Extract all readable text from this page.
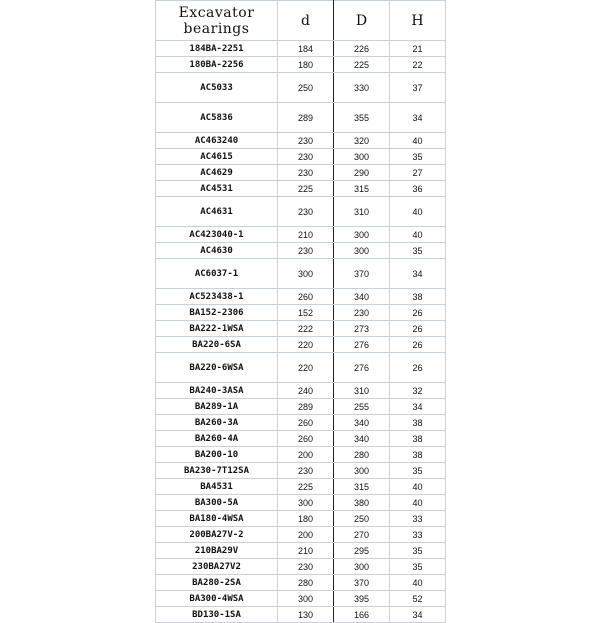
Excavator bearings	d	D	H
184BA-2251	184	226	21
180BA-2256	180	225	22
AC5033	250	330	37
AC5836	289	355	34
AC463240	230	320	40
AC4615	230	300	35
AC4629	230	290	27
AC4531	225	315	36
AC4631	230	310	40
AC423040-1	210	300	40
AC4630	230	300	35
AC6037-1	300	370	34
AC523438-1	260	340	38
BA152-2306	152	230	26
BA222-1WSA	222	273	26
BA220-6SA	220	276	26
BA220-6WSA	220	276	26
BA240-3ASA	240	310	32
BA289-1A	289	255	34
BA260-3A	260	340	38
BA260-4A	260	340	38
BA200-10	200	280	38
BA230-7T12SA	230	300	35
BA4531	225	315	40
BA300-5A	300	380	40
BA180-4WSA	180	250	33
200BA27V-2	200	270	33
210BA29V	210	295	35
230BA27V2	230	300	35
BA280-2SA	280	370	40
BA300-4WSA	300	395	52
BD130-1SA	130	166	34
